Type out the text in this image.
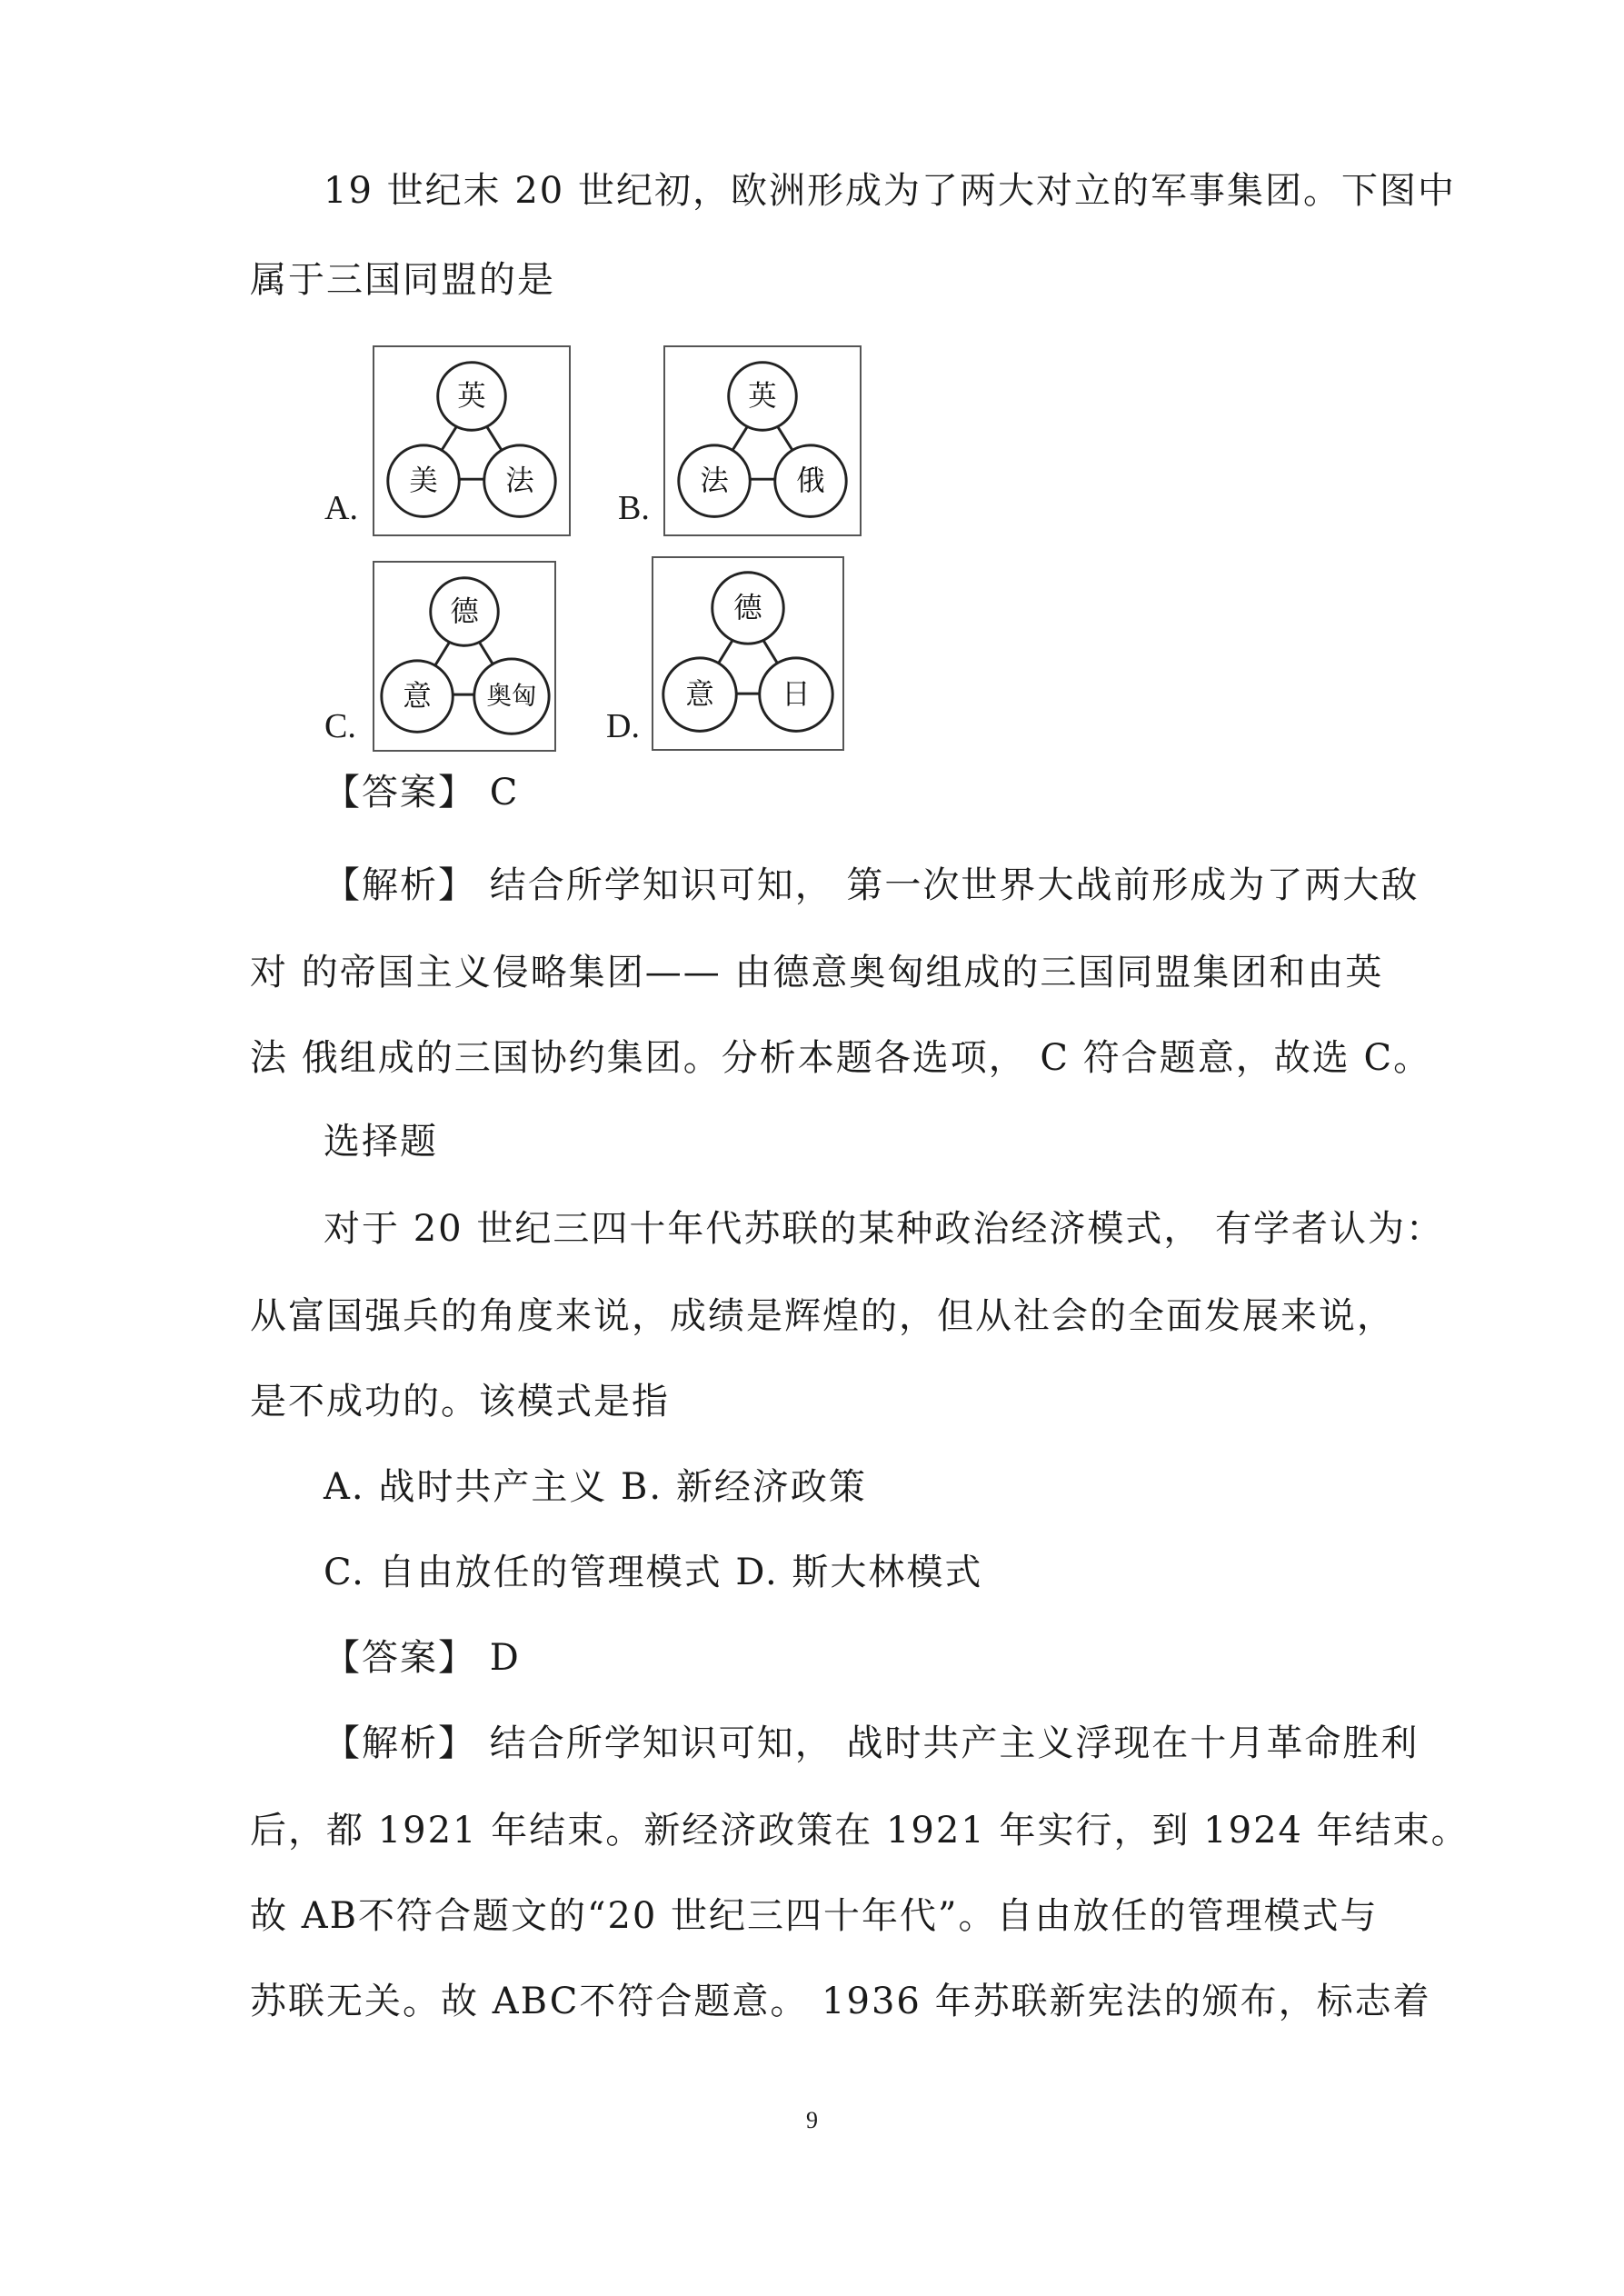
19 世纪末 20 世纪初，欧洲形成为了两大对立的军事集团。下图中
属于三国同盟的是
A.
英
美 法
B.
英
法 俄
C.
德
意 奥匈
D.
德
意 日
【答案】 C
【解析】 结合所学知识可知， 第一次世界大战前形成为了两大敌
对 的帝国主义侵略集团—— 由德意奥匈组成的三国同盟集团和由英
法 俄组成的三国协约集团。分析本题各选项， C 符合题意，故选 C。
选择题
对于 20 世纪三四十年代苏联的某种政治经济模式， 有学者认为：
从富国强兵的角度来说，成绩是辉煌的，但从社会的全面发展来说，
是不成功的。该模式是指
A. 战时共产主义 B. 新经济政策
C. 自由放任的管理模式 D. 斯大林模式
【答案】 D
【解析】 结合所学知识可知， 战时共产主义浮现在十月革命胜利
后，都 1921 年结束。新经济政策在 1921 年实行，到 1924 年结束。
故 AB不符合题文的“20 世纪三四十年代”。自由放任的管理模式与
苏联无关。故 ABC不符合题意。 1936 年苏联新宪法的颁布，标志着
9
